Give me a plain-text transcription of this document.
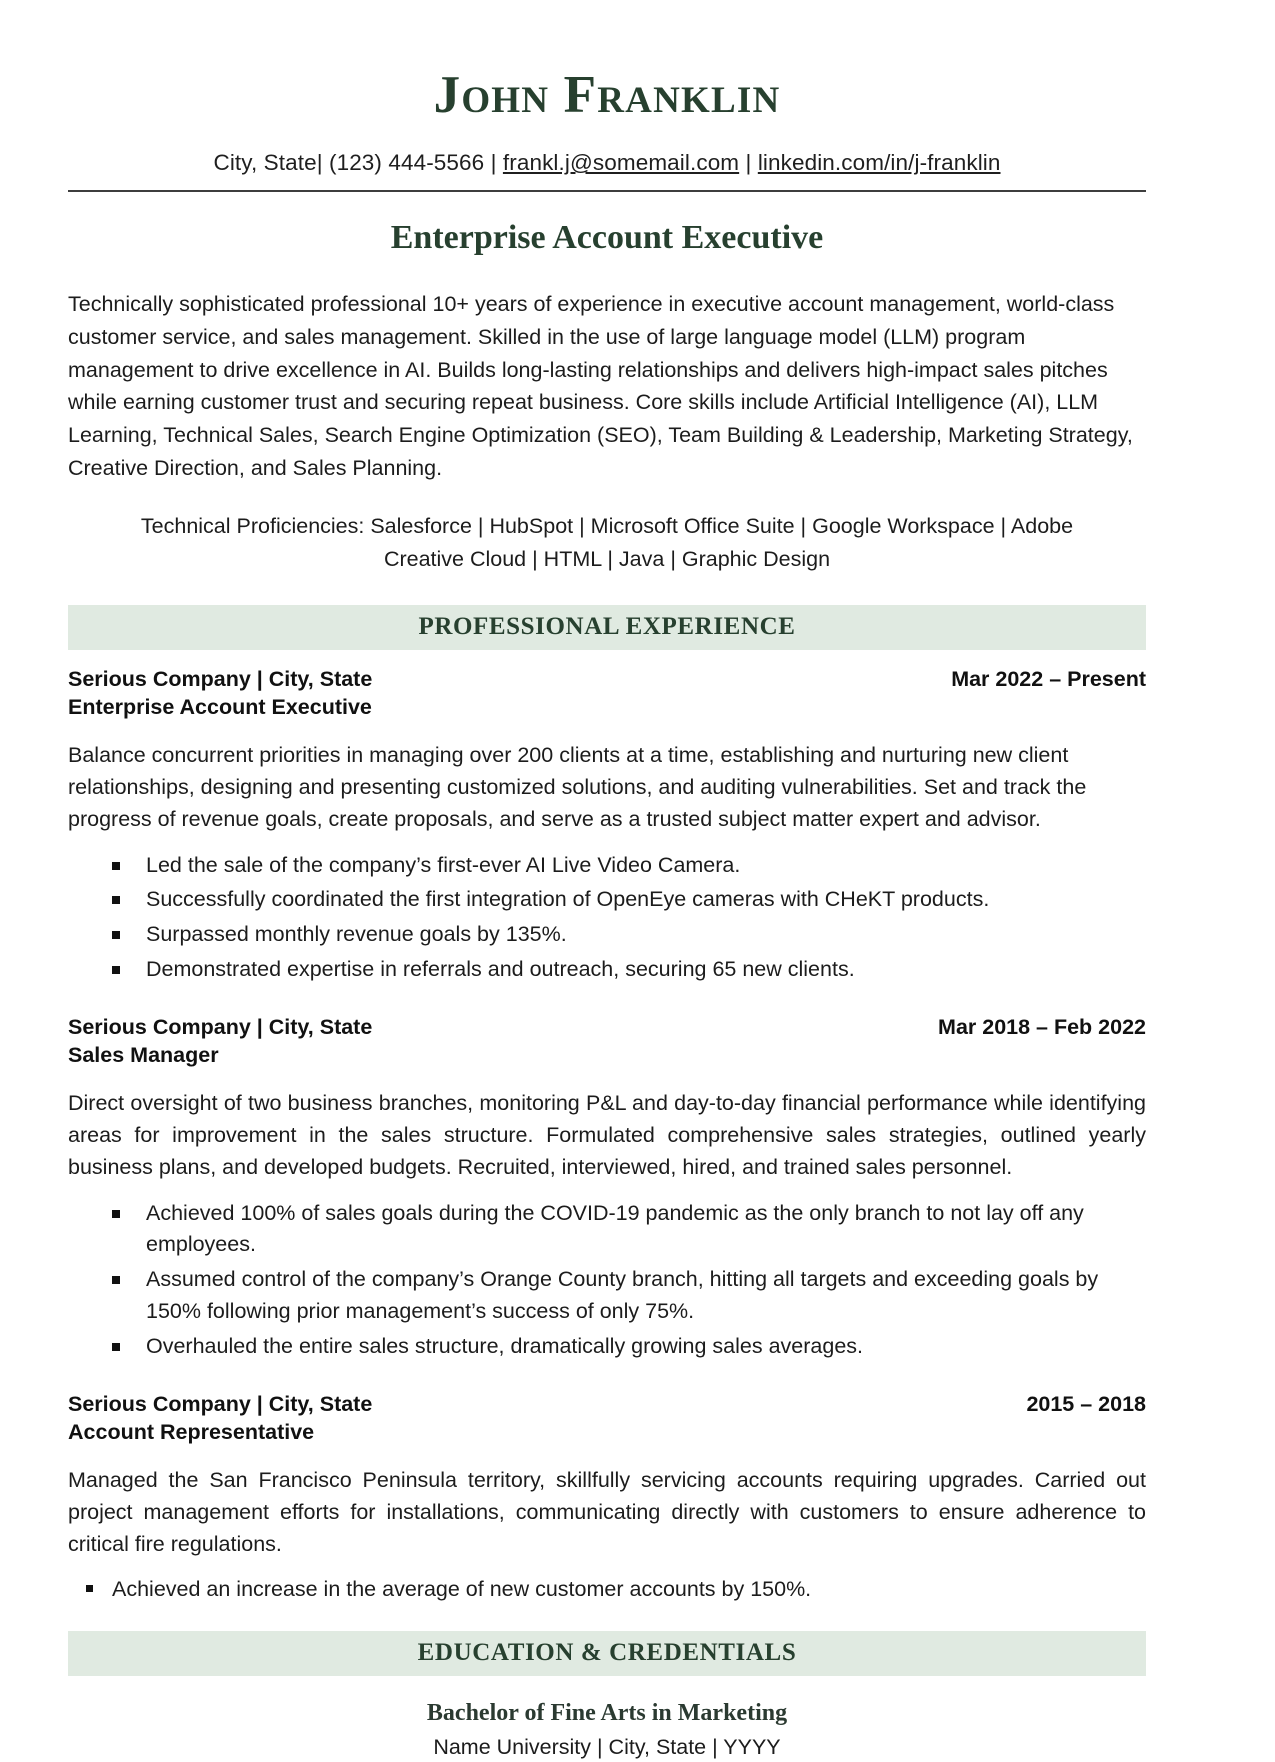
John Franklin
City, State| (123) 444-5566 | frankl.j@somemail.com | linkedin.com/in/j-franklin
Enterprise Account Executive

Technically sophisticated professional 10+ years of experience in executive account management, world-class customer service, and sales management. Skilled in the use of large language model (LLM) program management to drive excellence in AI. Builds long-lasting relationships and delivers high-impact sales pitches while earning customer trust and securing repeat business. Core skills include Artificial Intelligence (AI), LLM Learning, Technical Sales, Search Engine Optimization (SEO), Team Building & Leadership, Marketing Strategy, Creative Direction, and Sales Planning.

Technical Proficiencies: Salesforce | HubSpot | Microsoft Office Suite | Google Workspace | Adobe Creative Cloud | HTML | Java | Graphic Design

PROFESSIONAL EXPERIENCE
Serious Company | City, State	Mar 2022 – Present
Enterprise Account Executive

Balance concurrent priorities in managing over 200 clients at a time, establishing and nurturing new client relationships, designing and presenting customized solutions, and auditing vulnerabilities. Set and track the progress of revenue goals, create proposals, and serve as a trusted subject matter expert and advisor.

Led the sale of the company’s first-ever AI Live Video Camera.
Successfully coordinated the first integration of OpenEye cameras with CHeKT products.
Surpassed monthly revenue goals by 135%.
Demonstrated expertise in referrals and outreach, securing 65 new clients.
Serious Company | City, State	Mar 2018 – Feb 2022
Sales Manager

Direct oversight of two business branches, monitoring P&L and day-to-day financial performance while identifying areas for improvement in the sales structure. Formulated comprehensive sales strategies, outlined yearly business plans, and developed budgets. Recruited, interviewed, hired, and trained sales personnel.

Achieved 100% of sales goals during the COVID-19 pandemic as the only branch to not lay off any employees.
Assumed control of the company’s Orange County branch, hitting all targets and exceeding goals by 150% following prior management’s success of only 75%.
Overhauled the entire sales structure, dramatically growing sales averages.
Serious Company | City, State	2015 – 2018
Account Representative

Managed the San Francisco Peninsula territory, skillfully servicing accounts requiring upgrades. Carried out project management efforts for installations, communicating directly with customers to ensure adherence to critical fire regulations.

Achieved an increase in the average of new customer accounts by 150%.
EDUCATION & CREDENTIALS
Bachelor of Fine Arts in Marketing
Name University | City, State | YYYY
